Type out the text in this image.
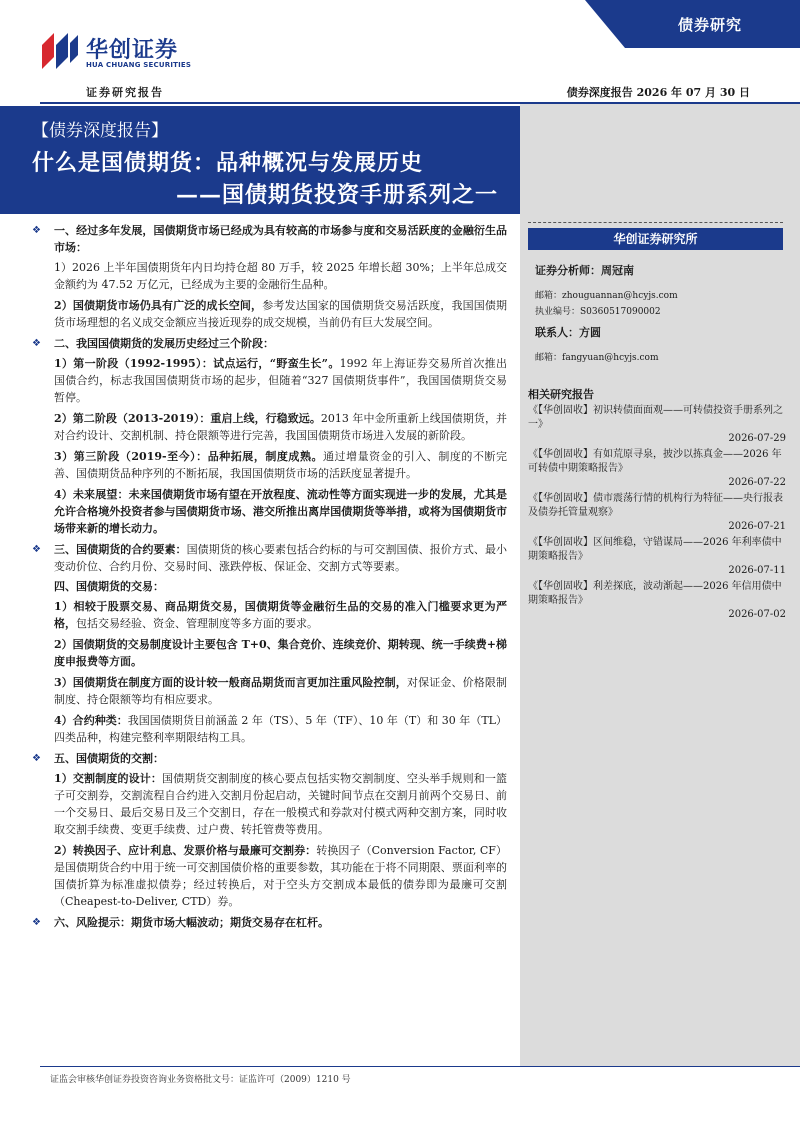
华创证券
HUA CHUANG SECURITIES
债券研究
证券研究报告	债券深度报告 2026 年 07 月 30 日
【债券深度报告】
什么是国债期货：品种概况与发展历史
——国债期货投资手册系列之一
❖	一、经过多年发展，国债期货市场已经成为具有较高的市场参与度和交易活跃度的金融衍生品市场：
1）2026 上半年国债期货年内日均持仓超 80 万手，较 2025 年增长超 30%；上半年总成交金额约为 47.52 万亿元，已经成为主要的金融衍生品种。
2）国债期货市场仍具有广泛的成长空间，参考发达国家的国债期货交易活跃度，我国国债期货市场理想的名义成交金额应当接近现券的成交规模，当前仍有巨大发展空间。
❖	二、我国国债期货的发展历史经过三个阶段：
1）第一阶段（1992-1995）：试点运行，“野蛮生长”。1992 年上海证券交易所首次推出国债合约，标志我国国债期货市场的起步，但随着“327 国债期货事件”，我国国债期货交易暂停。
2）第二阶段（2013-2019）：重启上线，行稳致远。2013 年中金所重新上线国债期货，并对合约设计、交割机制、持仓限额等进行完善，我国国债期货市场进入发展的新阶段。
3）第三阶段（2019-至今）：品种拓展，制度成熟。通过增量资金的引入、制度的不断完善、国债期货品种序列的不断拓展，我国国债期货市场的活跃度显著提升。
4）未来展望：未来国债期货市场有望在开放程度、流动性等方面实现进一步的发展，尤其是允许合格境外投资者参与国债期货市场、港交所推出离岸国债期货等举措，或将为国债期货市场带来新的增长动力。
❖	三、国债期货的合约要素：国债期货的核心要素包括合约标的与可交割国债、报价方式、最小变动价位、合约月份、交易时间、涨跌停板、保证金、交割方式等要素。
四、国债期货的交易：
1）相较于股票交易、商品期货交易，国债期货等金融衍生品的交易的准入门槛要求更为严格，包括交易经验、资金、管理制度等多方面的要求。
2）国债期货的交易制度设计主要包含 T+0、集合竞价、连续竞价、期转现、统一手续费+梯度申报费等方面。
3）国债期货在制度方面的设计较一般商品期货而言更加注重风险控制，对保证金、价格限制制度、持仓限额等均有相应要求。
4）合约种类：我国国债期货目前涵盖 2 年（TS）、5 年（TF）、10 年（T）和 30 年（TL）四类品种，构建完整利率期限结构工具。
❖	五、国债期货的交割：
1）交割制度的设计：国债期货交割制度的核心要点包括实物交割制度、空头举手规则和一篮子可交割券，交割流程自合约进入交割月份起启动，关键时间节点在交割月前两个交易日、前一个交易日、最后交易日及三个交割日，存在一般模式和券款对付模式两种交割方案，同时收取交割手续费、变更手续费、过户费、转托管费等费用。
2）转换因子、应计利息、发票价格与最廉可交割券：转换因子（Conversion Factor, CF）是国债期货合约中用于统一可交割国债价格的重要参数，其功能在于将不同期限、票面利率的国债折算为标准虚拟债券；经过转换后，对于空头方交割成本最低的债券即为最廉可交割（Cheapest-to-Deliver, CTD）券。
❖	六、风险提示：期货市场大幅波动；期货交易存在杠杆。
华创证券研究所
证券分析师：周冠南
邮箱：zhouguannan@hcyjs.com
执业编号：S0360517090002
联系人：方圆
邮箱：fangyuan@hcyjs.com
相关研究报告
《【华创固收】初识转债面面观——可转债投资手册系列之一》
2026-07-29
《【华创固收】有如荒原寻泉，披沙以拣真金——2026 年可转债中期策略报告》
2026-07-22
《【华创固收】债市震荡行情的机构行为特征——央行报表及债券托管量观察》
2026-07-21
《【华创固收】区间维稳，守错谋局——2026 年利率债中期策略报告》
2026-07-11
《【华创固收】利差探底，波动渐起——2026 年信用债中期策略报告》
2026-07-02
证监会审核华创证券投资咨询业务资格批文号：证监许可（2009）1210 号
